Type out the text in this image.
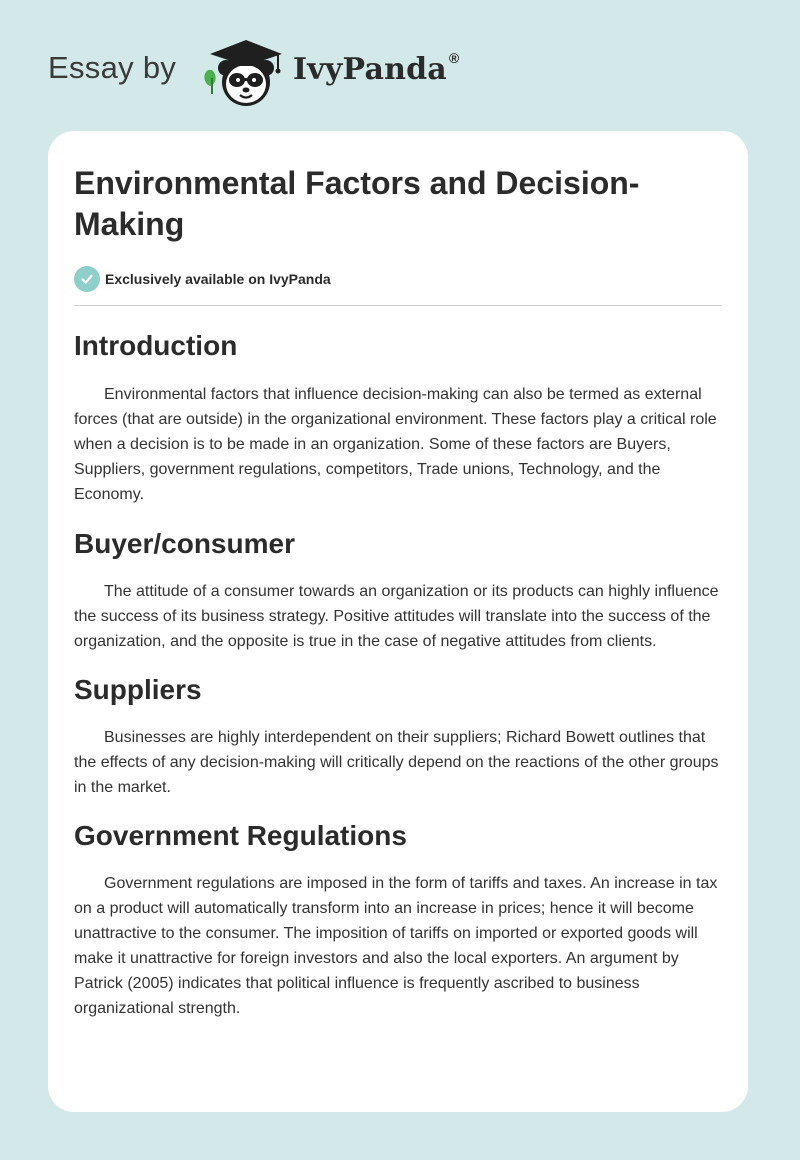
Essay by	IvyPanda ®
Environmental Factors and Decision-Making
Exclusively available on IvyPanda
Introduction

Environmental factors that influence decision-making can also be termed as external forces (that are outside) in the organizational environment. These factors play a critical role when a decision is to be made in an organization. Some of these factors are Buyers, Suppliers, government regulations, competitors, Trade unions, Technology, and the Economy.

Buyer/consumer

The attitude of a consumer towards an organization or its products can highly influence the success of its business strategy. Positive attitudes will translate into the success of the organization, and the opposite is true in the case of negative attitudes from clients.

Suppliers

Businesses are highly interdependent on their suppliers; Richard Bowett outlines that the effects of any decision-making will critically depend on the reactions of the other groups in the market.

Government Regulations

Government regulations are imposed in the form of tariffs and taxes. An increase in tax on a product will automatically transform into an increase in prices; hence it will become unattractive to the consumer. The imposition of tariffs on imported or exported goods will make it unattractive for foreign investors and also the local exporters. An argument by Patrick (2005) indicates that political influence is frequently ascribed to business organizational strength.
